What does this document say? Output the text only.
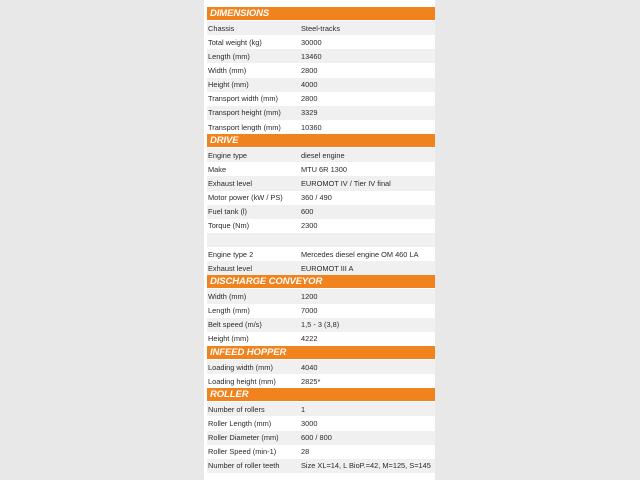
DIMENSIONS
Chassis	Steel-tracks
Total weight (kg)	30000
Length (mm)	13460
Width (mm)	2800
Height (mm)	4000
Transport width (mm)	2800
Transport height (mm)	3329
Transport length (mm)	10360
DRIVE
Engine type	diesel engine
Make	MTU 6R 1300
Exhaust level	EUROMOT IV / Tier IV final
Motor power (kW / PS)	360 / 490
Fuel tank (l)	600
Torque (Nm)	2300
Engine type 2	Mercedes diesel engine OM 460 LA
Exhaust level	EUROMOT III A
DISCHARGE CONVEYOR
Width (mm)	1200
Length (mm)	7000
Belt speed (m/s)	1,5 - 3 (3,8)
Height (mm)	4222
INFEED HOPPER
Loading width (mm)	4040
Loading height (mm)	2825*
ROLLER
Number of rollers	1
Roller Length (mm)	3000
Roller Diameter (mm)	600 / 800
Roller Speed (min-1)	28
Number of roller teeth	Size XL=14, L BioP.=42, M=125, S=145
